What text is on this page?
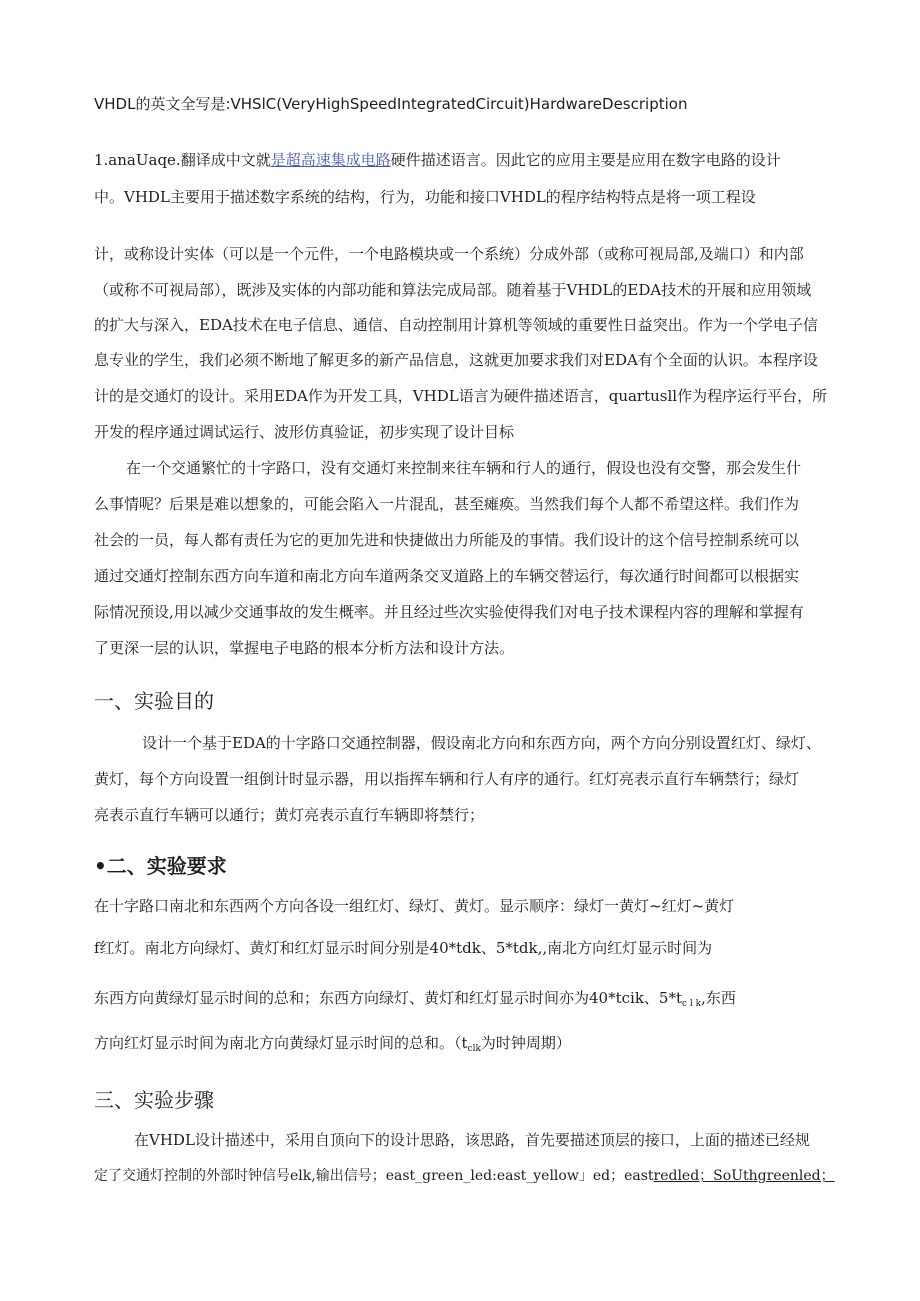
VHDL的英文全写是:VHSlC(VeryHighSpeedIntegratedCircuit)HardwareDescription
1.anaUaqe.翻译成中文就是超高速集成电路硬件描述语言。因此它的应用主要是应用在数字电路的设计
中。VHDL主要用于描述数字系统的结构，行为，功能和接口VHDL的程序结构特点是将一项工程设
计，或称设计实体（可以是一个元件，一个电路模块或一个系统）分成外部（或称可视局部,及端口）和内部
（或称不可视局部），既涉及实体的内部功能和算法完成局部。随着基于VHDL的EDA技术的开展和应用领域
的扩大与深入，EDA技术在电子信息、通信、自动控制用计算机等领域的重要性日益突出。作为一个学电子信
息专业的学生，我们必须不断地了解更多的新产品信息，这就更加要求我们对EDA有个全面的认识。本程序设
计的是交通灯的设计。采用EDA作为开发工具，VHDL语言为硬件描述语言，quartusll作为程序运行平台，所
开发的程序通过调试运行、波形仿真验证，初步实现了设计目标
在一个交通繁忙的十字路口，没有交通灯来控制来往车辆和行人的通行，假设也没有交警，那会发生什
么事情呢？后果是难以想象的，可能会陷入一片混乱，甚至瘫痪。当然我们每个人都不希望这样。我们作为
社会的一员，每人都有责任为它的更加先进和快捷做出力所能及的事情。我们设计的这个信号控制系统可以
通过交通灯控制东西方向车道和南北方向车道两条交叉道路上的车辆交替运行，每次通行时间都可以根据实
际情况预设,用以减少交通事故的发生概率。并且经过些次实验使得我们对电子技术课程内容的理解和掌握有
了更深一层的认识，掌握电子电路的根本分析方法和设计方法。
一、实验目的
设计一个基于EDA的十字路口交通控制器，假设南北方向和东西方向，两个方向分别设置红灯、绿灯、
黄灯，每个方向设置一组倒计时显示器，用以指挥车辆和行人有序的通行。红灯亮表示直行车辆禁行；绿灯
亮表示直行车辆可以通行；黄灯亮表示直行车辆即将禁行；
•二、实验要求
在十字路口南北和东西两个方向各设一组红灯、绿灯、黄灯。显示顺序：绿灯一黄灯~红灯~黄灯
f红灯。南北方向绿灯、黄灯和红灯显示时间分别是40*tdk、5*tdk,,南北方向红灯显示时间为
东西方向黄绿灯显示时间的总和；东西方向绿灯、黄灯和红灯显示时间亦为40*tcik、$5*t_{c l k}$,东西
方向红灯显示时间为南北方向黄绿灯显示时间的总和。（$t_{clk}$为时钟周期）
三、实验步骤
在VHDL设计描述中，采用自顶向下的设计思路，该思路，首先要描述顶层的接口，上面的描述已经规
定了交通灯控制的外部时钟信号elk,输出信号；east_green_led:east_yellow」ed；eastredled；SoUthgreenled；
